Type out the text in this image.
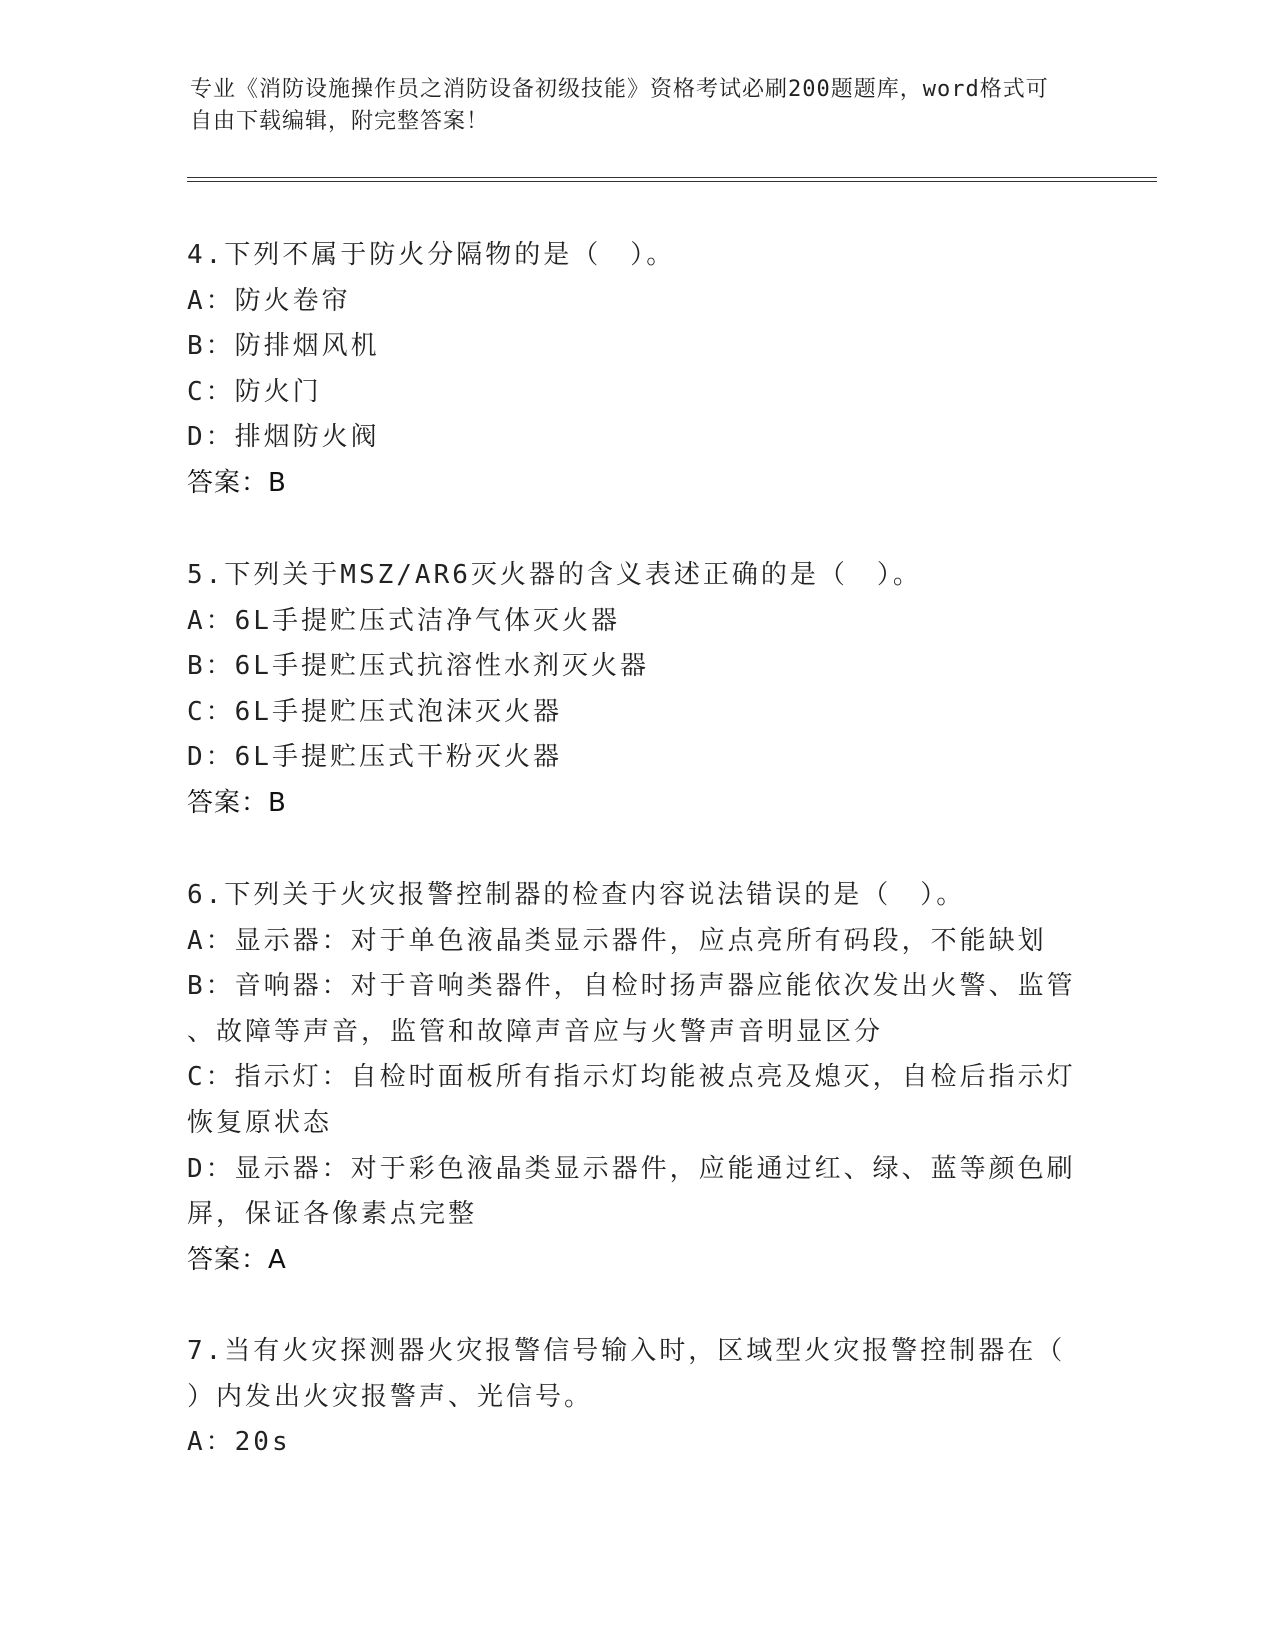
专业《消防设施操作员之消防设备初级技能》资格考试必刷200题题库，word格式可自由下载编辑，附完整答案！
4.下列不属于防火分隔物的是（　）。
A：防火卷帘
B：防排烟风机
C：防火门
D：排烟防火阀
答案：B
5.下列关于MSZ/AR6灭火器的含义表述正确的是（　）。
A：6L手提贮压式洁净气体灭火器
B：6L手提贮压式抗溶性水剂灭火器
C：6L手提贮压式泡沫灭火器
D：6L手提贮压式干粉灭火器
答案：B
6.下列关于火灾报警控制器的检查内容说法错误的是（　）。
A：显示器：对于单色液晶类显示器件，应点亮所有码段，不能缺划
B：音响器：对于音响类器件，自检时扬声器应能依次发出火警、监管
、故障等声音，监管和故障声音应与火警声音明显区分
C：指示灯：自检时面板所有指示灯均能被点亮及熄灭，自检后指示灯
恢复原状态
D：显示器：对于彩色液晶类显示器件，应能通过红、绿、蓝等颜色刷
屏，保证各像素点完整
答案：A
7.当有火灾探测器火灾报警信号输入时，区域型火灾报警控制器在（
）内发出火灾报警声、光信号。
A：20s
